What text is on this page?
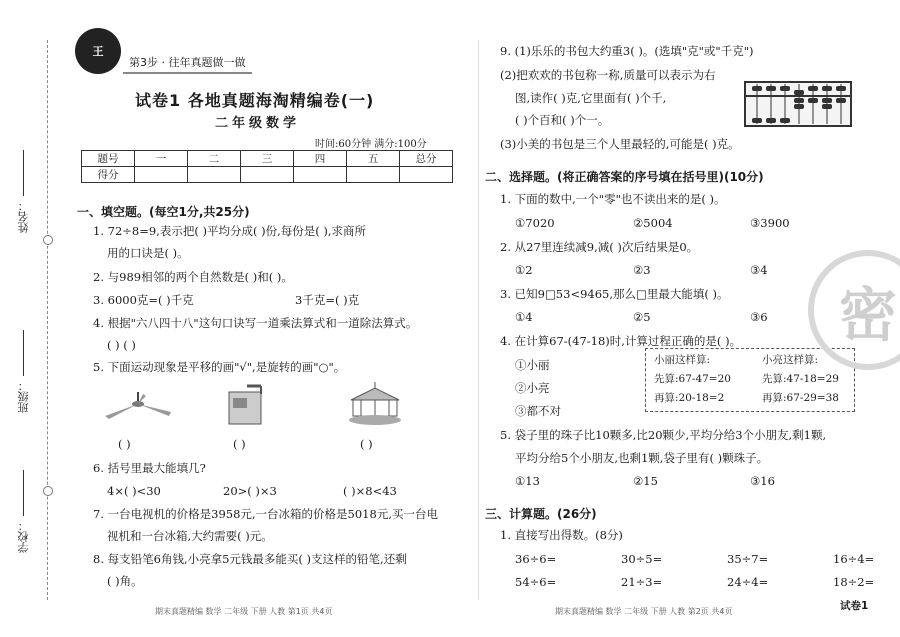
姓名：
班级：
学校：
王
第3步 · 往年真题做一做
试卷1 各地真题海淘精编卷(一)
二年级数学
时间:60分钟 满分:100分
题号	一	二	三	四	五	总分
得分						
一、填空题。(每空1分,共25分)
1. 72÷8=9,表示把( )平均分成( )份,每份是( ),求商所
用的口诀是( )。
2. 与989相邻的两个自然数是( )和( )。
3. 6000克=( )千克	3千克=( )克
4. 根据"六八四十八"这句口诀写一道乘法算式和一道除法算式。
( ) ( )
5. 下面运动现象是平移的画"√",是旋转的画"○"。
( )	( )	( )
6. 括号里最大能填几?
4×( )<30	20>( )×3	( )×8<43
7. 一台电视机的价格是3958元,一台冰箱的价格是5018元,买一台电
视机和一台冰箱,大约需要( )元。
8. 每支铅笔6角钱,小亮拿5元钱最多能买( )支这样的铅笔,还剩
( )角。
期末真题精编 数学 二年级 下册 人教 第1页 共4页
9. (1)乐乐的书包大约重3( )。(选填"克"或"千克")
(2)把欢欢的书包称一称,质量可以表示为右
图,读作( )克,它里面有( )个千,
( )个百和( )个一。
(3)小美的书包是三个人里最轻的,可能是( )克。
二、选择题。(将正确答案的序号填在括号里)(10分)
1. 下面的数中,一个"零"也不读出来的是( )。
①7020	②5004	③3900
2. 从27里连续减9,减( )次后结果是0。
①2	②3	③4
3. 已知9□53<9465,那么□里最大能填( )。
①4	②5	③6
4. 在计算67-(47-18)时,计算过程正确的是( )。
①小丽
②小亮
③都不对
小丽这样算:	小亮这样算:
先算:67-47=20	先算:47-18=29
再算:20-18=2	再算:67-29=38
5. 袋子里的珠子比10颗多,比20颗少,平均分给3个小朋友,剩1颗,
平均分给5个小朋友,也剩1颗,袋子里有( )颗珠子。
①13	②15	③16
三、计算题。(26分)
1. 直接写出得数。(8分)
36÷6=	30÷5=	35÷7=	16÷4=
54÷6=	21÷3=	24÷4=	18÷2=
期末真题精编 数学 二年级 下册 人教 第2页 共4页
密
试卷1
